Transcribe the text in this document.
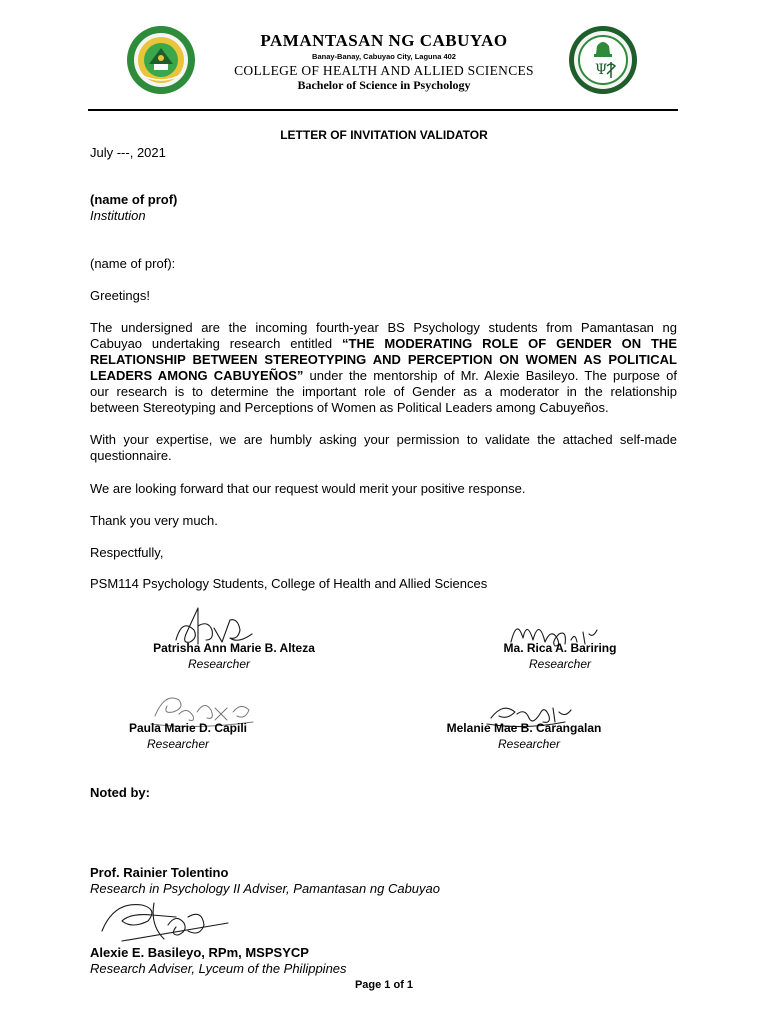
Ψ
PAMANTASAN NG CABUYAO
Banay-Banay, Cabuyao City, Laguna 402
COLLEGE OF HEALTH AND ALLIED SCIENCES
Bachelor of Science in Psychology
LETTER OF INVITATION VALIDATOR
July ---, 2021
(name of prof)
Institution
(name of prof):
Greetings!
The undersigned are the incoming fourth-year BS Psychology students from Pamantasan ng
Cabuyao undertaking research entitled “THE MODERATING ROLE OF GENDER ON THE
RELATIONSHIP BETWEEN STEREOTYPING AND PERCEPTION ON WOMEN AS POLITICAL
LEADERS AMONG CABUYEÑOS” under the mentorship of Mr. Alexie Basileyo. The purpose of
our research is to determine the important role of Gender as a moderator in the relationship
between Stereotyping and Perceptions of Women as Political Leaders among Cabuyeños.
With your expertise, we are humbly asking your permission to validate the attached self-made
questionnaire.
We are looking forward that our request would merit your positive response.
Thank you very much.
Respectfully,
PSM114 Psychology Students, College of Health and Allied Sciences
Patrisha Ann Marie B. Alteza
Researcher
Ma. Rica A. Bariring
Researcher
Paula Marie D. Capili
Researcher
Melanie Mae B. Carangalan
Researcher
Noted by:
Prof. Rainier Tolentino
Research in Psychology II Adviser, Pamantasan ng Cabuyao
Alexie E. Basileyo, RPm, MSPSYCP
Research Adviser, Lyceum of the Philippines
Page 1 of 1
